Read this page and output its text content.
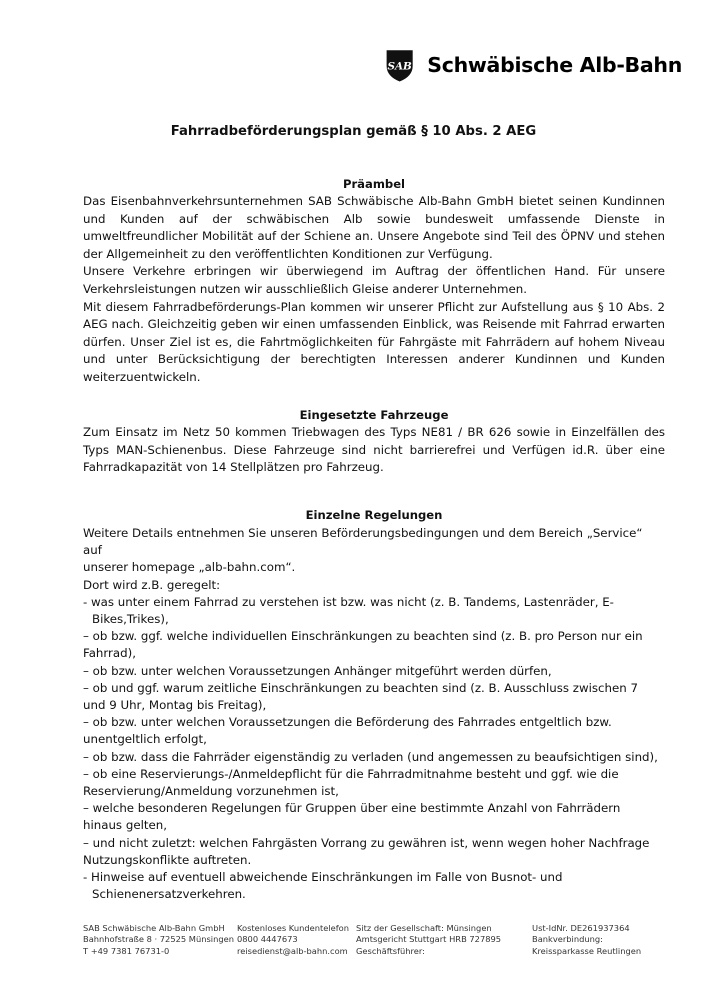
SAB Schwäbische Alb-Bahn
Fahrradbeförderungsplan gemäß § 10 Abs. 2 AEG
Präambel

Das Eisenbahnverkehrsunternehmen SAB Schwäbische Alb-Bahn GmbH bietet seinen Kundinnen und Kunden auf der schwäbischen Alb sowie bundesweit umfassende Dienste in umweltfreundlicher Mobilität auf der Schiene an. Unsere Angebote sind Teil des ÖPNV und stehen der Allgemeinheit zu den veröffentlichten Konditionen zur Verfügung.

Unsere Verkehre erbringen wir überwiegend im Auftrag der öffentlichen Hand. Für unsere Verkehrsleistungen nutzen wir ausschließlich Gleise anderer Unternehmen.

Mit diesem Fahrradbeförderungs-Plan kommen wir unserer Pflicht zur Aufstellung aus § 10 Abs. 2 AEG nach. Gleichzeitig geben wir einen umfassenden Einblick, was Reisende mit Fahrrad erwarten dürfen. Unser Ziel ist es, die Fahrtmöglichkeiten für Fahrgäste mit Fahrrädern auf hohem Niveau und unter Berücksichtigung der berechtigten Interessen anderer Kundinnen und Kunden weiterzuentwickeln.

Eingesetzte Fahrzeuge

Zum Einsatz im Netz 50 kommen Triebwagen des Typs NE81 / BR 626 sowie in Einzelfällen des Typs MAN-Schienenbus. Diese Fahrzeuge sind nicht barrierefrei und Verfügen id.R. über eine Fahrradkapazität von 14 Stellplätzen pro Fahrzeug.

Einzelne Regelungen

Weitere Details entnehmen Sie unseren Beförderungsbedingungen und dem Bereich „Service“ auf

unserer homepage „alb-bahn.com“.

Dort wird z.B. geregelt:

- was unter einem Fahrrad zu verstehen ist bzw. was nicht (z. B. Tandems, Lastenräder, E-

Bikes,Trikes),

– ob bzw. ggf. welche individuellen Einschränkungen zu beachten sind (z. B. pro Person nur ein

Fahrrad),

– ob bzw. unter welchen Voraussetzungen Anhänger mitgeführt werden dürfen,

– ob und ggf. warum zeitliche Einschränkungen zu beachten sind (z. B. Ausschluss zwischen 7

und 9 Uhr, Montag bis Freitag),

– ob bzw. unter welchen Voraussetzungen die Beförderung des Fahrrades entgeltlich bzw.

unentgeltlich erfolgt,

– ob bzw. dass die Fahrräder eigenständig zu verladen (und angemessen zu beaufsichtigen sind),

– ob eine Reservierungs-/Anmeldepflicht für die Fahrradmitnahme besteht und ggf. wie die

Reservierung/Anmeldung vorzunehmen ist,

– welche besonderen Regelungen für Gruppen über eine bestimmte Anzahl von Fahrrädern

hinaus gelten,

– und nicht zuletzt: welchen Fahrgästen Vorrang zu gewähren ist, wenn wegen hoher Nachfrage

Nutzungskonflikte auftreten.

- Hinweise auf eventuell abweichende Einschränkungen im Falle von Busnot- und

Schienenersatzverkehren.

SAB Schwäbische Alb-Bahn GmbH
Bahnhofstraße 8 · 72525 Münsingen
T +49 7381 76731-0
Kostenloses Kundentelefon
0800 4447673
reisedienst@alb-bahn.com
Sitz der Gesellschaft: Münsingen
Amtsgericht Stuttgart HRB 727895
Geschäftsführer:
Ust-IdNr. DE261937364
Bankverbindung:
Kreissparkasse Reutlingen
